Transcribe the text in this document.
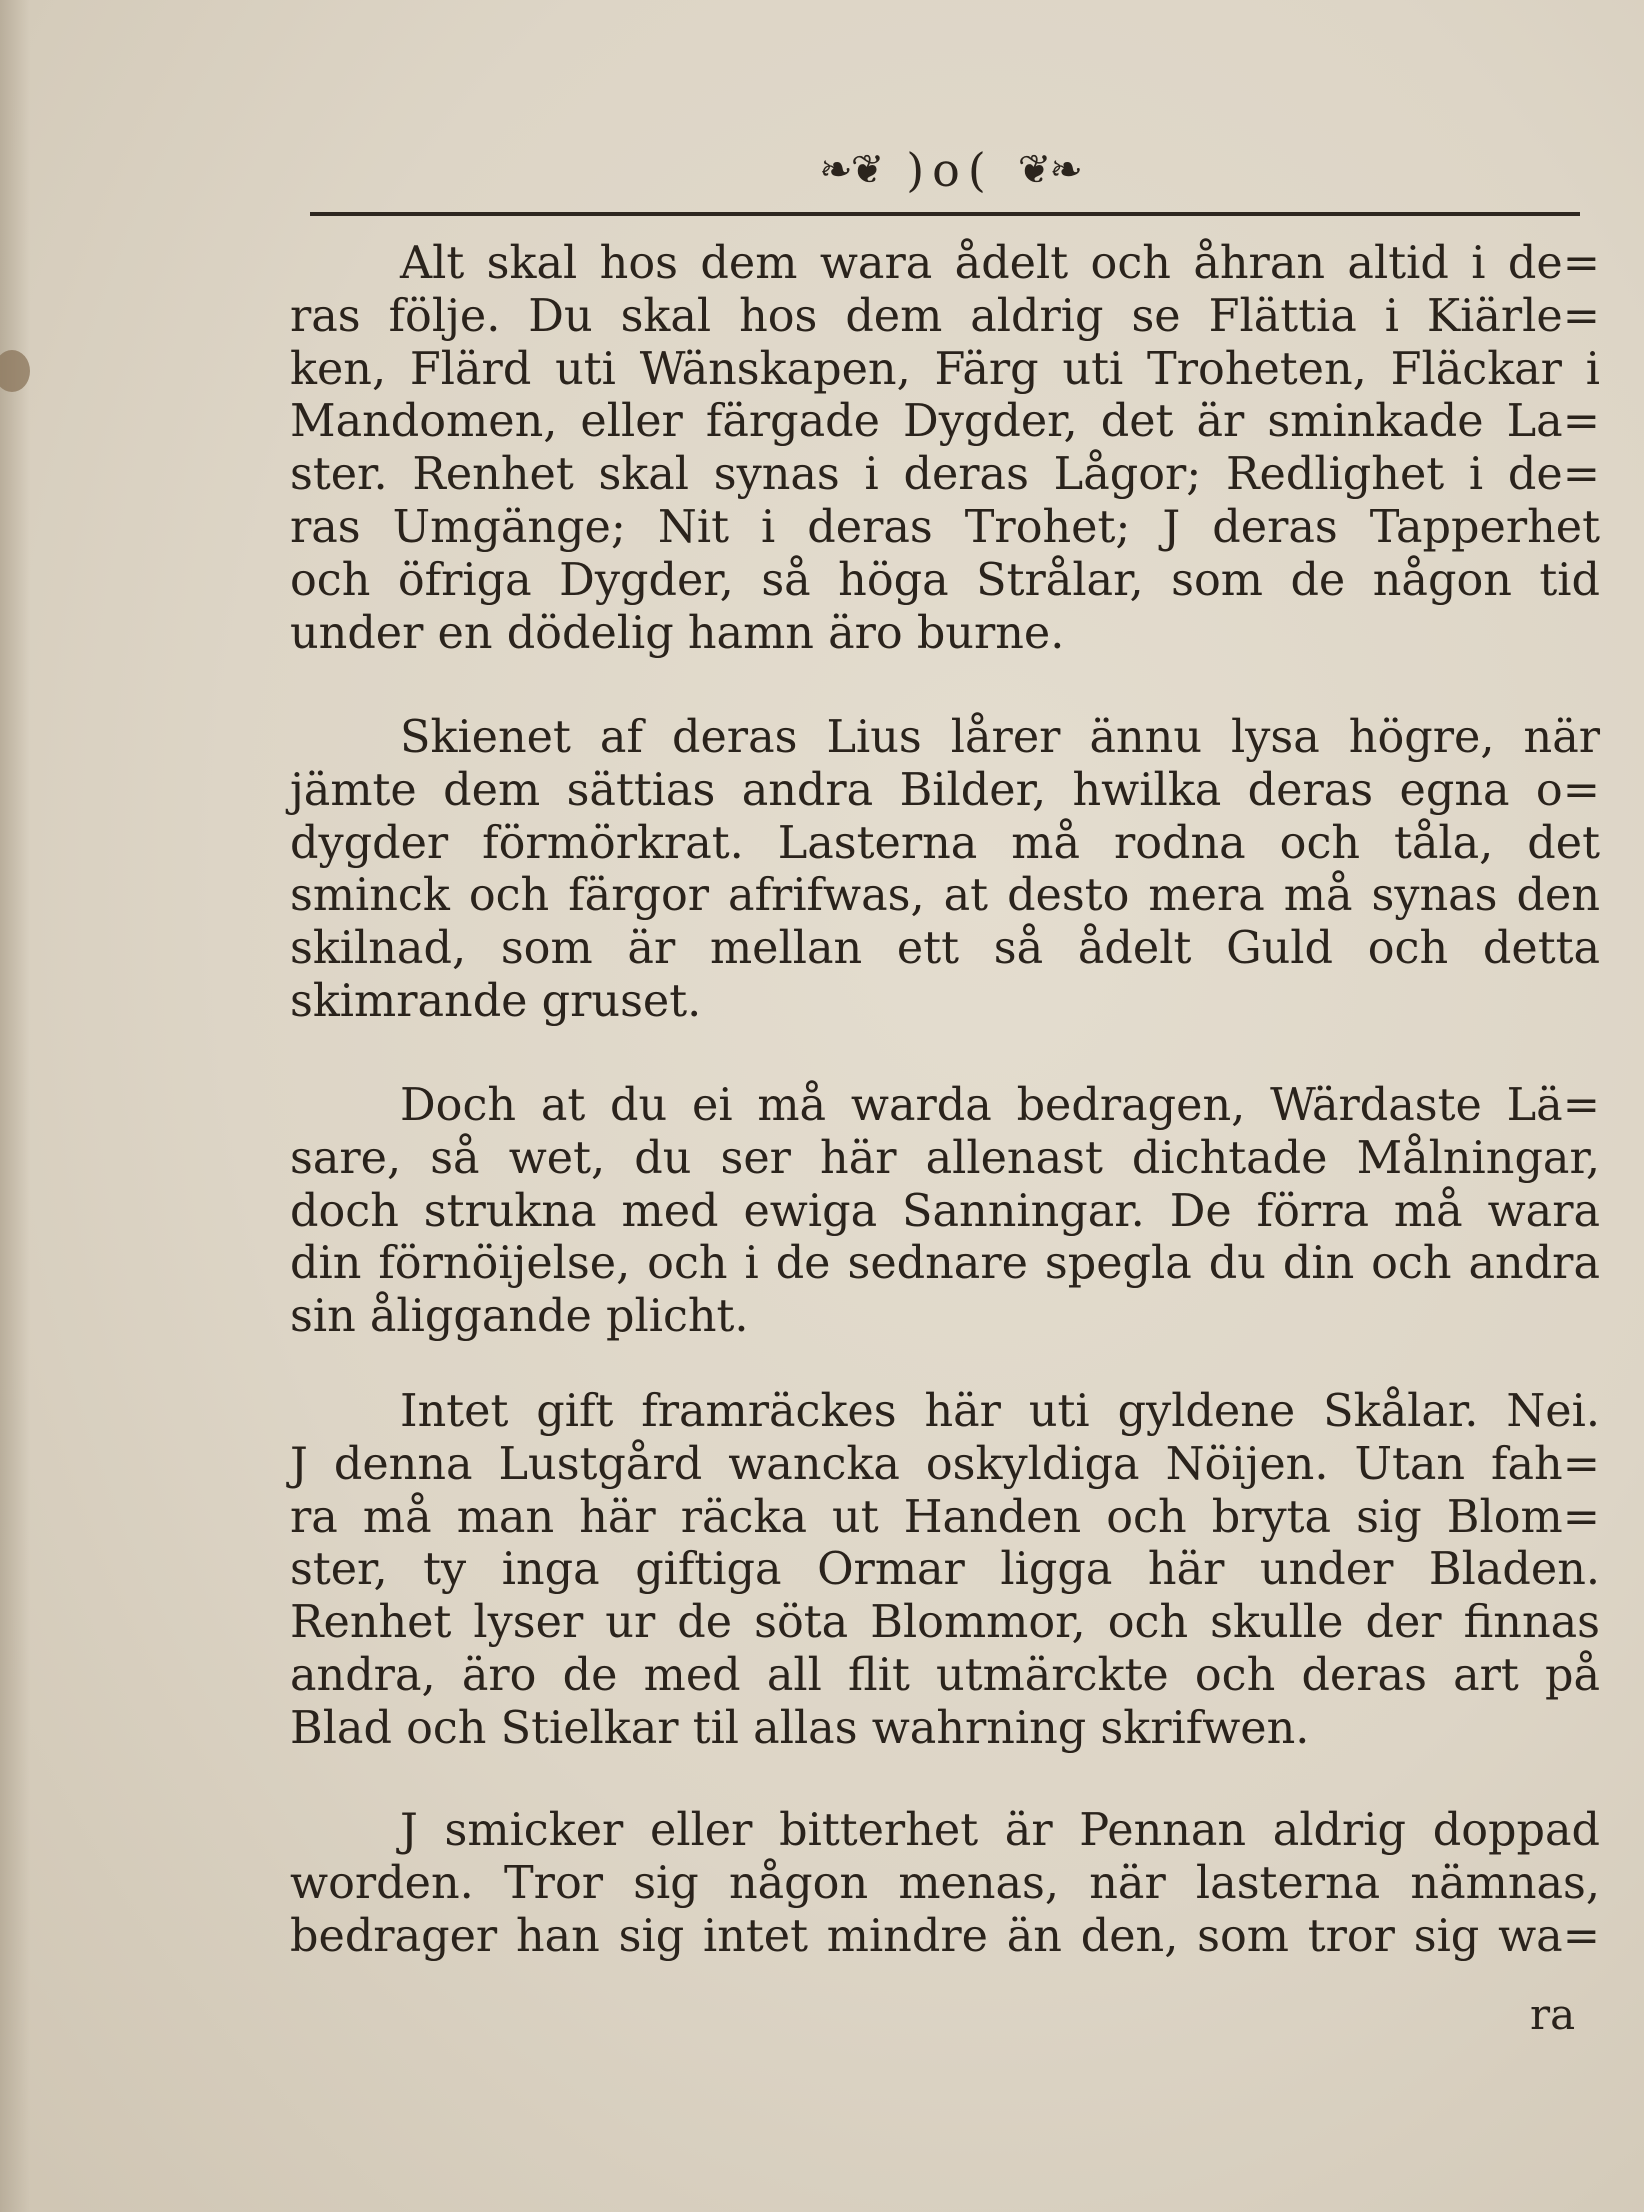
❧❦ )o( ❦❧

Alt skal hos dem wara ådelt och åhran altid i de=
ras följe. Du skal hos dem aldrig se Flättia i Kiärle=
ken, Flärd uti Wänskapen, Färg uti Troheten, Fläckar i
Mandomen, eller färgade Dygder, det är sminkade La=
ster. Renhet skal synas i deras Lågor; Redlighet i de=
ras Umgänge; Nit i deras Trohet; J deras Tapperhet
och öfriga Dygder, så höga Strålar, som de någon tid
under en dödelig hamn äro burne.

Skienet af deras Lius lårer ännu lysa högre, när
jämte dem sättias andra Bilder, hwilka deras egna o=
dygder förmörkrat. Lasterna må rodna och tåla, det
sminck och färgor afrifwas, at desto mera må synas den
skilnad, som är mellan ett så ådelt Guld och detta
skimrande gruset.

Doch at du ei må warda bedragen, Wärdaste Lä=
sare, så wet, du ser här allenast dichtade Målningar,
doch strukna med ewiga Sanningar. De förra må wara
din förnöijelse, och i de sednare spegla du din och andra
sin åliggande plicht.

Intet gift framräckes här uti gyldene Skålar. Nei.
J denna Lustgård wancka oskyldiga Nöijen. Utan fah=
ra må man här räcka ut Handen och bryta sig Blom=
ster, ty inga giftiga Ormar ligga här under Bladen.
Renhet lyser ur de söta Blommor, och skulle der finnas
andra, äro de med all flit utmärckte och deras art på
Blad och Stielkar til allas wahrning skrifwen.

J smicker eller bitterhet är Pennan aldrig doppad
worden. Tror sig någon menas, när lasterna nämnas,
bedrager han sig intet mindre än den, som tror sig wa=

ra
